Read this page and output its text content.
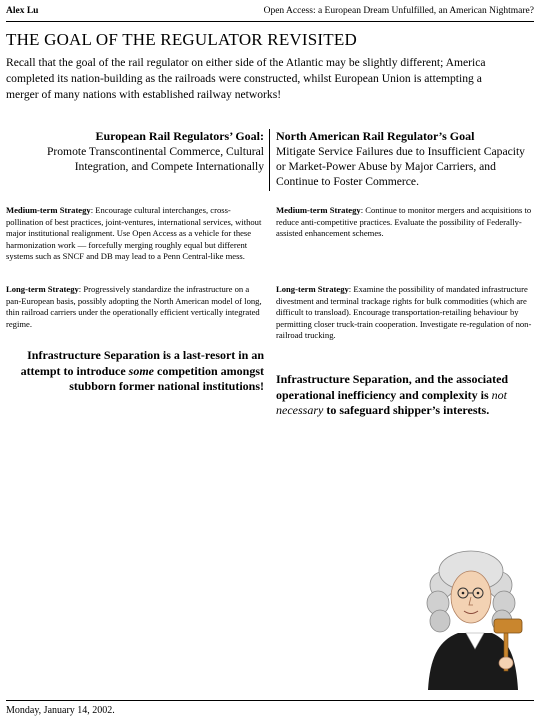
Alex Lu	Open Access: a European Dream Unfulfilled, an American Nightmare?
THE GOAL OF THE REGULATOR REVISITED
Recall that the goal of the rail regulator on either side of the Atlantic may be slightly different; America completed its nation-building as the railroads were constructed, whilst European Union is attempting a merger of many nations with established railway networks!
European Rail Regulators’ Goal:
Promote Transcontinental Commerce, Cultural Integration, and Compete Internationally
North American Rail Regulator’s Goal
Mitigate Service Failures due to Insufficient Capacity or Market-Power Abuse by Major Carriers, and Continue to Foster Commerce.
Medium-term Strategy: Encourage cultural interchanges, cross-pollination of best practices, joint-ventures, international services, without major institutional realignment. Use Open Access as a vehicle for these harmonization work — forcefully merging roughly equal but different systems such as SNCF and DB may lead to a Penn Central-like mess.
Medium-term Strategy: Continue to monitor mergers and acquisitions to reduce anti-competitive practices. Evaluate the possibility of Federally-assisted enhancement schemes.
Long-term Strategy: Progressively standardize the infrastructure on a pan-European basis, possibly adopting the North American model of long, thin railroad carriers under the operationally efficient vertically integrated regime.
Long-term Strategy: Examine the possibility of mandated infrastructure divestment and terminal trackage rights for bulk commodities (which are difficult to transload). Encourage transportation-retailing behaviour by permitting closer truck-train cooperation. Investigate re-regulation of non-railroad trucking.
Infrastructure Separation is a last-resort in an attempt to introduce some competition amongst stubborn former national institutions! Infrastructure Separation, and the associated operational inefficiency and complexity is not necessary to safeguard shipper’s interests.
Monday, January 14, 2002.
